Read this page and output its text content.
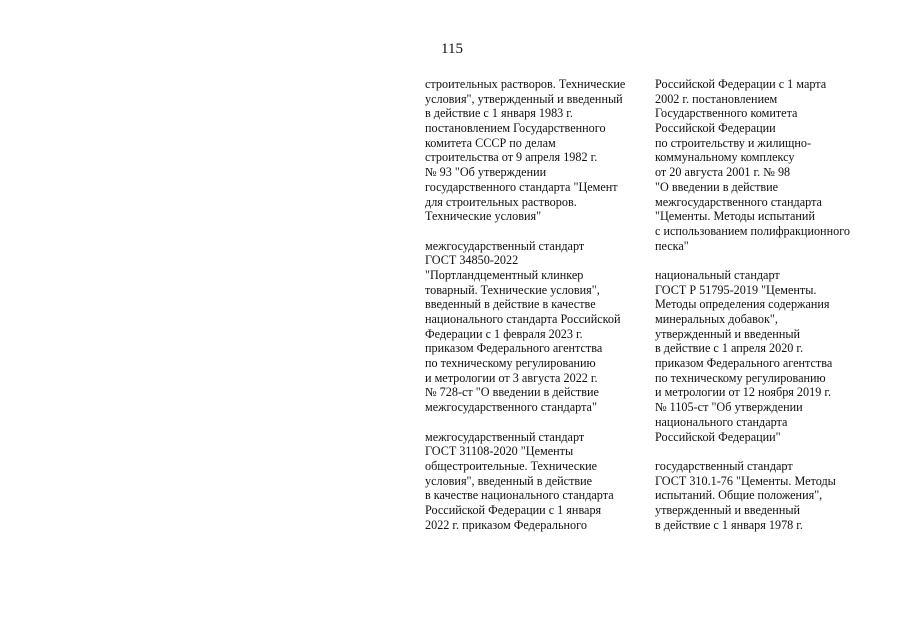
115
строительных растворов. Технические
условия", утвержденный и введенный
в действие с 1 января 1983 г.
постановлением Государственного
комитета СССР по делам
строительства от 9 апреля 1982 г.
№ 93 "Об утверждении
государственного стандарта "Цемент
для строительных растворов.
Технические условия"
межгосударственный стандарт
ГОСТ 34850-2022
"Портландцементный клинкер
товарный. Технические условия",
введенный в действие в качестве
национального стандарта Российской
Федерации с 1 февраля 2023 г.
приказом Федерального агентства
по техническому регулированию
и метрологии от 3 августа 2022 г.
№ 728-ст "О введении в действие
межгосударственного стандарта"
межгосударственный стандарт
ГОСТ 31108-2020 "Цементы
общестроительные. Технические
условия", введенный в действие
в качестве национального стандарта
Российской Федерации с 1 января
2022 г. приказом Федерального
Российской Федерации с 1 марта
2002 г. постановлением
Государственного комитета
Российской Федерации
по строительству и жилищно-
коммунальному комплексу
от 20 августа 2001 г. № 98
"О введении в действие
межгосударственного стандарта
"Цементы. Методы испытаний
с использованием полифракционного
песка"
национальный стандарт
ГОСТ Р 51795-2019 "Цементы.
Методы определения содержания
минеральных добавок",
утвержденный и введенный
в действие с 1 апреля 2020 г.
приказом Федерального агентства
по техническому регулированию
и метрологии от 12 ноября 2019 г.
№ 1105-ст "Об утверждении
национального стандарта
Российской Федерации"
государственный стандарт
ГОСТ 310.1-76 "Цементы. Методы
испытаний. Общие положения",
утвержденный и введенный
в действие с 1 января 1978 г.
